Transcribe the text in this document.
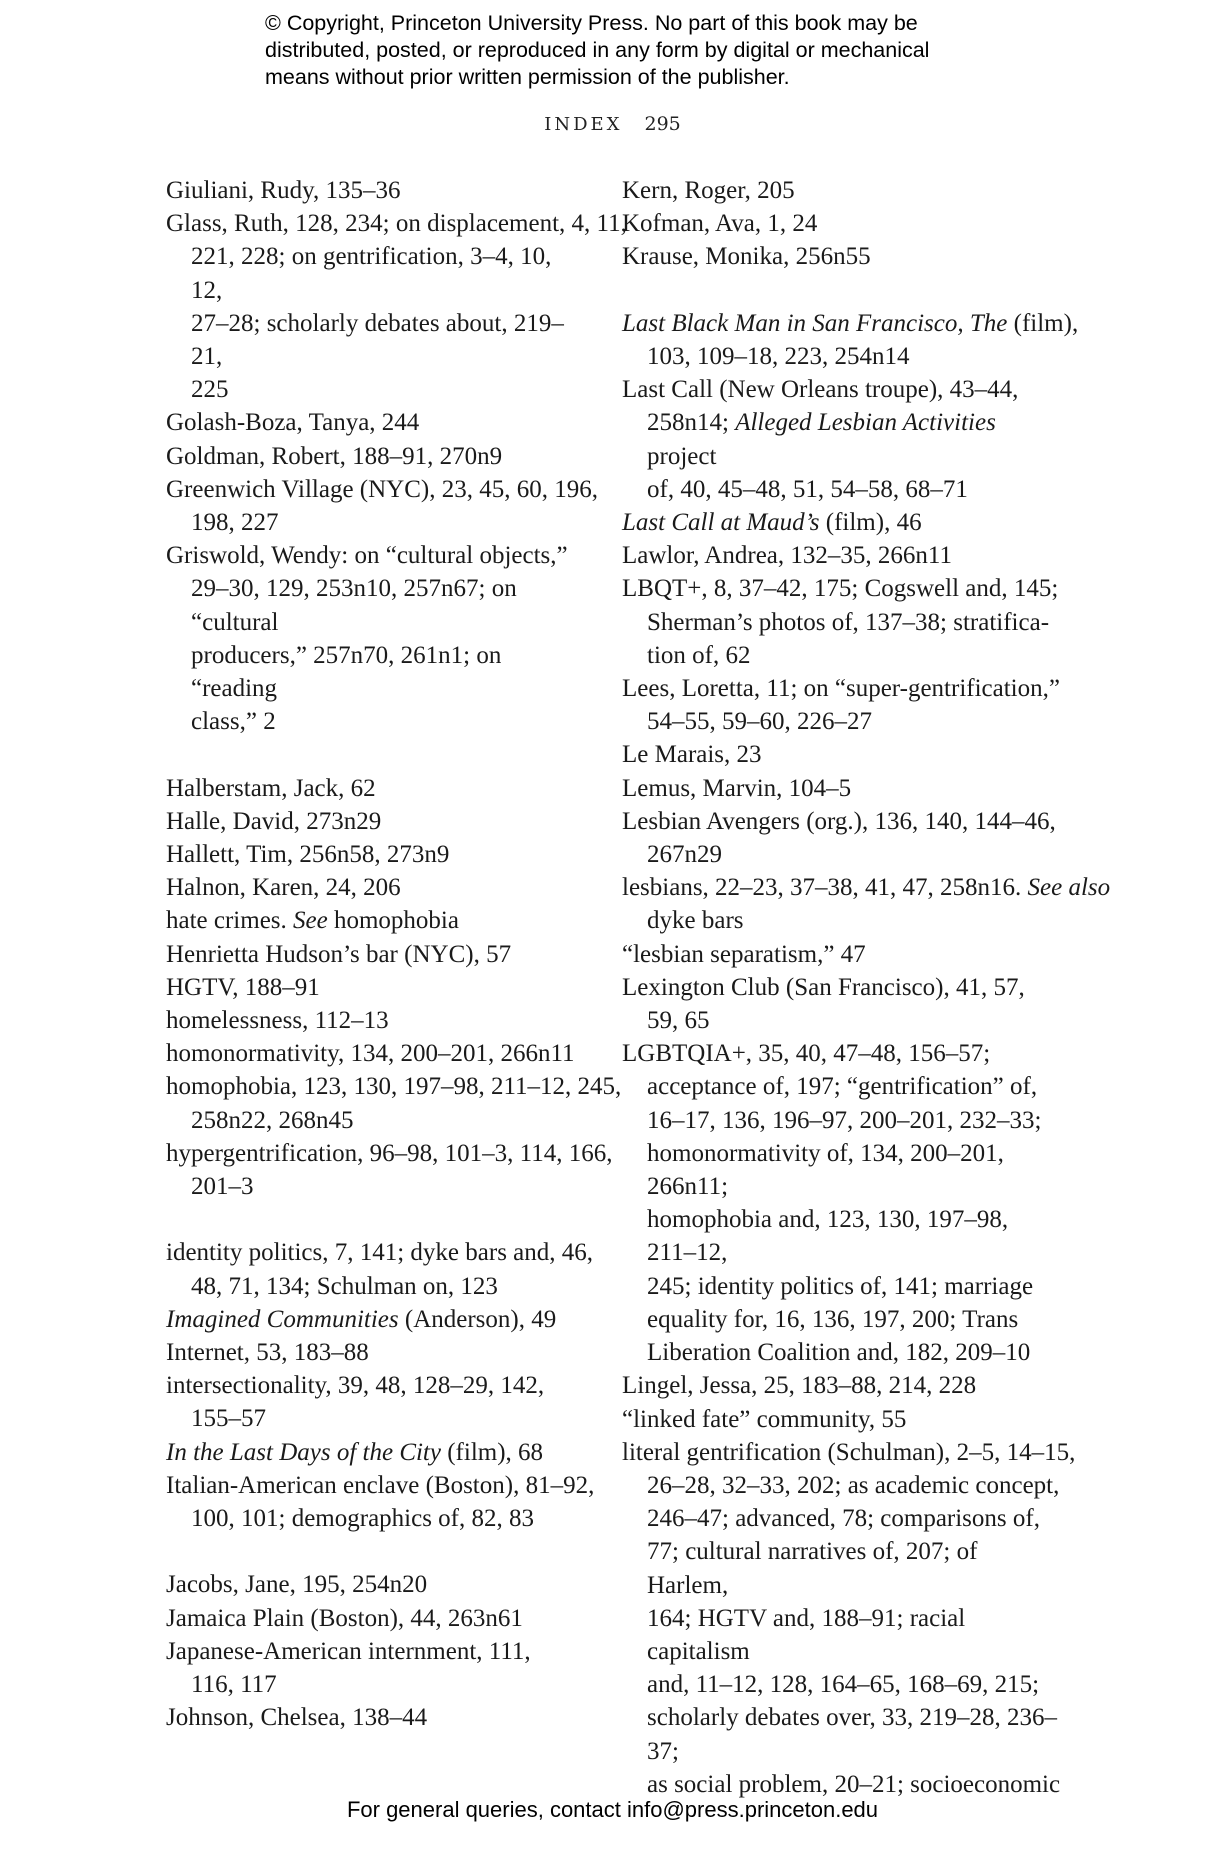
© Copyright, Princeton University Press. No part of this book may be
distributed, posted, or reproduced in any form by digital or mechanical
means without prior written permission of the publisher.
INDEX 295
Giuliani, Rudy, 135–36
Glass, Ruth, 128, 234; on displacement, 4, 11,
221, 228; on gentrification, 3–4, 10, 12,
27–28; scholarly debates about, 219–21,
225
Golash-Boza, Tanya, 244
Goldman, Robert, 188–91, 270n9
Greenwich Village (NYC), 23, 45, 60, 196,
198, 227
Griswold, Wendy: on “cultural objects,”
29–30, 129, 253n10, 257n67; on “cultural
producers,” 257n70, 261n1; on “reading
class,” 2
Halberstam, Jack, 62
Halle, David, 273n29
Hallett, Tim, 256n58, 273n9
Halnon, Karen, 24, 206
hate crimes. See homophobia
Henrietta Hudson’s bar (NYC), 57
HGTV, 188–91
homelessness, 112–13
homonormativity, 134, 200–201, 266n11
homophobia, 123, 130, 197–98, 211–12, 245,
258n22, 268n45
hypergentrification, 96–98, 101–3, 114, 166,
201–3
identity politics, 7, 141; dyke bars and, 46,
48, 71, 134; Schulman on, 123
Imagined Communities (Anderson), 49
Internet, 53, 183–88
intersectionality, 39, 48, 128–29, 142,
155–57
In the Last Days of the City (film), 68
Italian-American enclave (Boston), 81–92,
100, 101; demographics of, 82, 83
Jacobs, Jane, 195, 254n20
Jamaica Plain (Boston), 44, 263n61
Japanese-American internment, 111,
116, 117
Johnson, Chelsea, 138–44
Kern, Roger, 205
Kofman, Ava, 1, 24
Krause, Monika, 256n55
Last Black Man in San Francisco, The (film),
103, 109–18, 223, 254n14
Last Call (New Orleans troupe), 43–44,
258n14; Alleged Lesbian Activities project
of, 40, 45–48, 51, 54–58, 68–71
Last Call at Maud’s (film), 46
Lawlor, Andrea, 132–35, 266n11
LBQT+, 8, 37–42, 175; Cogswell and, 145;
Sherman’s photos of, 137–38; stratifica-
tion of, 62
Lees, Loretta, 11; on “super-gentrification,”
54–55, 59–60, 226–27
Le Marais, 23
Lemus, Marvin, 104–5
Lesbian Avengers (org.), 136, 140, 144–46,
267n29
lesbians, 22–23, 37–38, 41, 47, 258n16. See also
dyke bars
“lesbian separatism,” 47
Lexington Club (San Francisco), 41, 57,
59, 65
LGBTQIA+, 35, 40, 47–48, 156–57;
acceptance of, 197; “gentrification” of,
16–17, 136, 196–97, 200–201, 232–33;
homonormativity of, 134, 200–201, 266n11;
homophobia and, 123, 130, 197–98, 211–12,
245; identity politics of, 141; marriage
equality for, 16, 136, 197, 200; Trans
Liberation Coalition and, 182, 209–10
Lingel, Jessa, 25, 183–88, 214, 228
“linked fate” community, 55
literal gentrification (Schulman), 2–5, 14–15,
26–28, 32–33, 202; as academic concept,
246–47; advanced, 78; comparisons of,
77; cultural narratives of, 207; of Harlem,
164; HGTV and, 188–91; racial capitalism
and, 11–12, 128, 164–65, 168–69, 215;
scholarly debates over, 33, 219–28, 236–37;
as social problem, 20–21; socioeconomic
For general queries, contact info@press.princeton.edu
